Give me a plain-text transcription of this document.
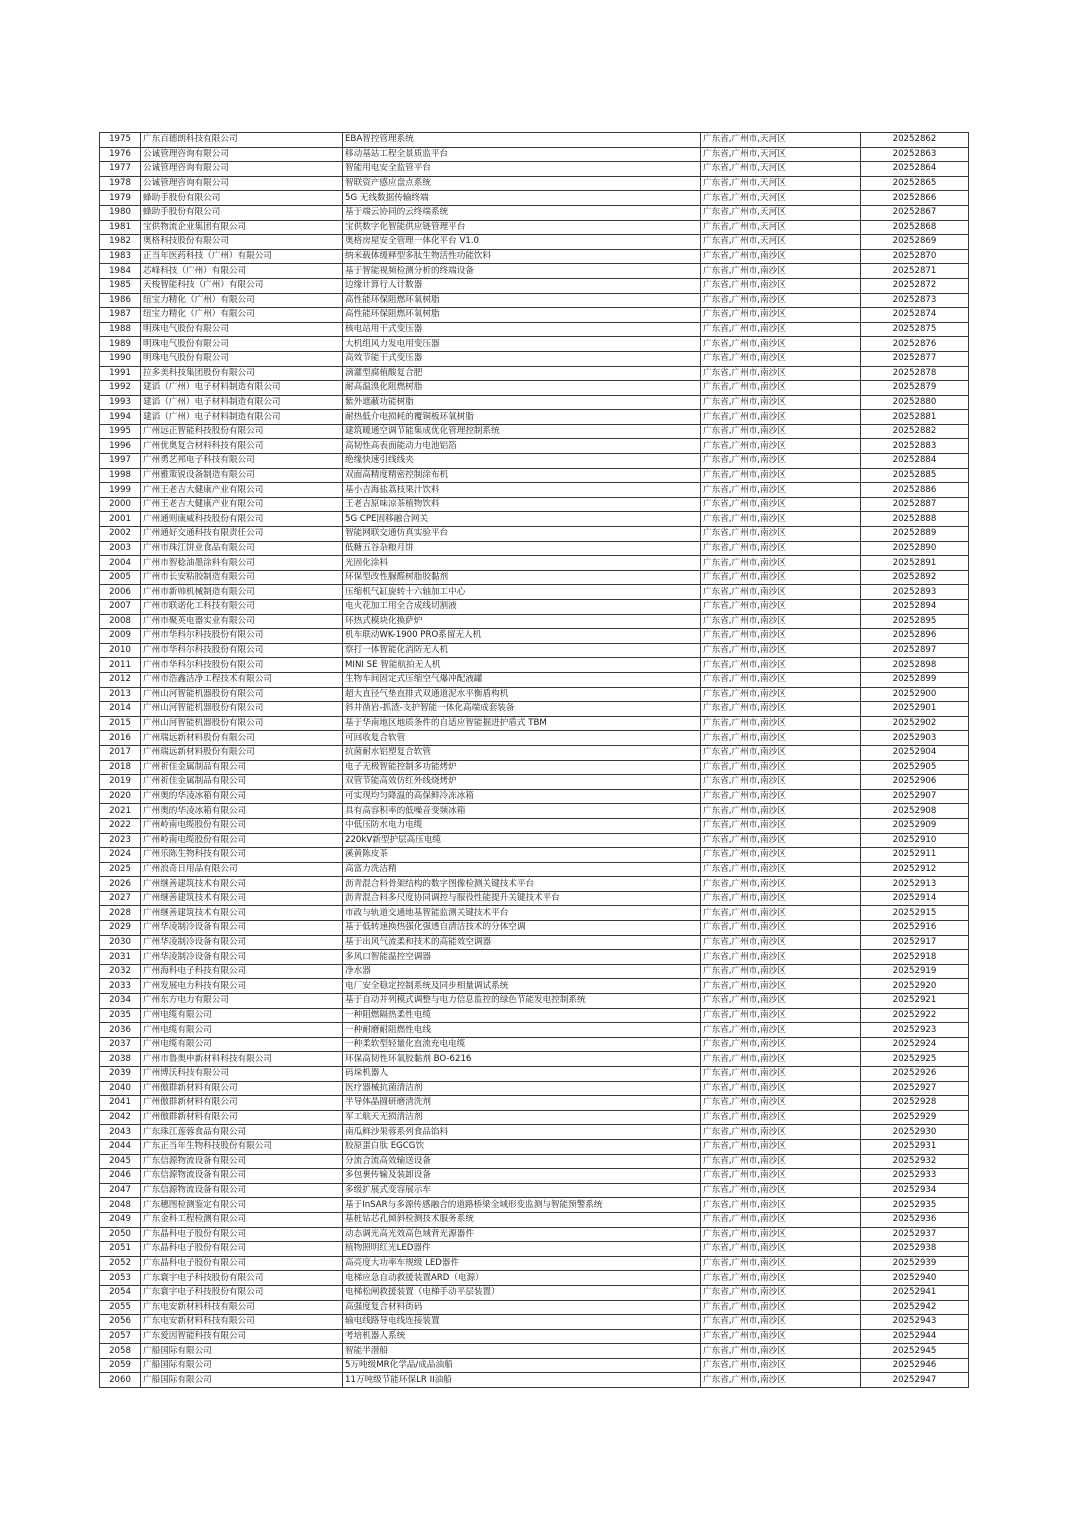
1975	广东百德朗科技有限公司	EBA智控管理系统	广东省,广州市,天河区	20252862
1976	公诚管理咨询有限公司	移动基站工程全景质监平台	广东省,广州市,天河区	20252863
1977	公诚管理咨询有限公司	智能用电安全监管平台	广东省,广州市,天河区	20252864
1978	公诚管理咨询有限公司	智联资产感应盘点系统	广东省,广州市,天河区	20252865
1979	蜂助手股份有限公司	5G 无线数据传输终端	广东省,广州市,天河区	20252866
1980	蜂助手股份有限公司	基于端云协同的云终端系统	广东省,广州市,天河区	20252867
1981	宝供物流企业集团有限公司	宝供数字化智能供应链管理平台	广东省,广州市,天河区	20252868
1982	奥格科技股份有限公司	奥格房屋安全管理一体化平台 V1.0	广东省,广州市,天河区	20252869
1983	正当年医药科技（广州）有限公司	纳米载体缓释型多肽生物活性功能饮料	广东省,广州市,南沙区	20252870
1984	芯峰科技（广州）有限公司	基于智能视频检测分析的终端设备	广东省,广州市,南沙区	20252871
1985	天梭智能科技（广州）有限公司	边缘计算行人计数器	广东省,广州市,南沙区	20252872
1986	纽宝力精化（广州）有限公司	高性能环保阻燃环氧树脂	广东省,广州市,南沙区	20252873
1987	纽宝力精化（广州）有限公司	高性能环保阻燃环氧树脂	广东省,广州市,南沙区	20252874
1988	明珠电气股份有限公司	核电站用干式变压器	广东省,广州市,南沙区	20252875
1989	明珠电气股份有限公司	大机组风力发电用变压器	广东省,广州市,南沙区	20252876
1990	明珠电气股份有限公司	高效节能干式变压器	广东省,广州市,南沙区	20252877
1991	拉多美科技集团股份有限公司	滴灌型腐植酸复合肥	广东省,广州市,南沙区	20252878
1992	建滔（广州）电子材料制造有限公司	耐高温溴化阻燃树脂	广东省,广州市,南沙区	20252879
1993	建滔（广州）电子材料制造有限公司	紫外遮蔽功能树脂	广东省,广州市,南沙区	20252880
1994	建滔（广州）电子材料制造有限公司	耐热低介电损耗的覆铜板环氧树脂	广东省,广州市,南沙区	20252881
1995	广州远正智能科技股份有限公司	建筑暖通空调节能集成优化管理控制系统	广东省,广州市,南沙区	20252882
1996	广州优奥复合材料科技有限公司	高韧性高表面能动力电池铝箔	广东省,广州市,南沙区	20252883
1997	广州勇艺邦电子科技有限公司	绝缘快速引线线夹	广东省,广州市,南沙区	20252884
1998	广州雅策锐设备制造有限公司	双面高精度精密控制涂布机	广东省,广州市,南沙区	20252885
1999	广州王老吉大健康产业有限公司	基小吉海盐荔枝果汁饮料	广东省,广州市,南沙区	20252886
2000	广州王老吉大健康产业有限公司	王老吉原味凉茶植物饮料	广东省,广州市,南沙区	20252887
2001	广州通则康威科技股份有限公司	5G CPE固移融合网关	广东省,广州市,南沙区	20252888
2002	广州通好交通科技有限责任公司	智能网联交通仿真实验平台	广东省,广州市,南沙区	20252889
2003	广州市珠江饼业食品有限公司	低糖五谷杂粮月饼	广东省,广州市,南沙区	20252890
2004	广州市智稔油墨涂料有限公司	光固化涂料	广东省,广州市,南沙区	20252891
2005	广州市长安粘胶制造有限公司	环保型改性脲醛树脂胶黏剂	广东省,广州市,南沙区	20252892
2006	广州市新帅机械制造有限公司	压缩机气缸旋转十六轴加工中心	广东省,广州市,南沙区	20252893
2007	广州市联诺化工科技有限公司	电火花加工用全合成线切割液	广东省,广州市,南沙区	20252894
2008	广州市聚英电器实业有限公司	环热式模块化换萨炉	广东省,广州市,南沙区	20252895
2009	广州市华科尔科技股份有限公司	机车联动WK-1900 PRO系留无人机	广东省,广州市,南沙区	20252896
2010	广州市华科尔科技股份有限公司	察打一体智能化消防无人机	广东省,广州市,南沙区	20252897
2011	广州市华科尔科技股份有限公司	MINI SE 智能航拍无人机	广东省,广州市,南沙区	20252898
2012	广州市浩鑫洁净工程技术有限公司	生物车间固定式压缩空气爆冲配液罐	广东省,广州市,南沙区	20252899
2013	广州山河智能机器股份有限公司	超大直径气垫直排式双通道泥水平衡盾构机	广东省,广州市,南沙区	20252900
2014	广州山河智能机器股份有限公司	斜井凿岩-抓渣-支护智能一体化高端成套装备	广东省,广州市,南沙区	20252901
2015	广州山河智能机器股份有限公司	基于华南地区地质条件的自适应智能掘进护盾式 TBM	广东省,广州市,南沙区	20252902
2016	广州瑞远新材料股份有限公司	可回收复合软管	广东省,广州市,南沙区	20252903
2017	广州瑞远新材料股份有限公司	抗菌耐水铝塑复合软管	广东省,广州市,南沙区	20252904
2018	广州祈佳金属制品有限公司	电子无极智能控制多功能烤炉	广东省,广州市,南沙区	20252905
2019	广州祈佳金属制品有限公司	双管节能高效仿红外线烧烤炉	广东省,广州市,南沙区	20252906
2020	广州奥的华凌冰箱有限公司	可实现均匀降温的高保鲜冷冻冰箱	广东省,广州市,南沙区	20252907
2021	广州奥的华凌冰箱有限公司	具有高容积率的低噪音变频冰箱	广东省,广州市,南沙区	20252908
2022	广州岭南电缆股份有限公司	中低压防水电力电缆	广东省,广州市,南沙区	20252909
2023	广州岭南电缆股份有限公司	220kV新型护层高压电缆	广东省,广州市,南沙区	20252910
2024	广州乐陈生物科技有限公司	溪黄陈皮茶	广东省,广州市,南沙区	20252911
2025	广州浪奇日用品有限公司	高富力洗洁精	广东省,广州市,南沙区	20252912
2026	广州继善建筑技术有限公司	沥青混合料骨架结构的数字图像检测关键技术平台	广东省,广州市,南沙区	20252913
2027	广州继善建筑技术有限公司	沥青混合料多尺度协同调控与服役性能提升关键技术平台	广东省,广州市,南沙区	20252914
2028	广州继善建筑技术有限公司	市政与轨道交通地基智能监测关键技术平台	广东省,广州市,南沙区	20252915
2029	广州华凌制冷设备有限公司	基于低转速换热强化强透自清洁技术的分体空调	广东省,广州市,南沙区	20252916
2030	广州华凌制冷设备有限公司	基于出风气流柔和技术的高能效空调器	广东省,广州市,南沙区	20252917
2031	广州华凌制冷设备有限公司	多风口智能温控空调器	广东省,广州市,南沙区	20252918
2032	广州海科电子科技有限公司	净水器	广东省,广州市,南沙区	20252919
2033	广州发展电力科技有限公司	电厂安全稳定控制系统及同步相量调试系统	广东省,广州市,南沙区	20252920
2034	广州东方电力有限公司	基于自动并列模式调整与电力信息监控的绿色节能发电控制系统	广东省,广州市,南沙区	20252921
2035	广州电缆有限公司	一种阻燃隔热柔性电缆	广东省,广州市,南沙区	20252922
2036	广州电缆有限公司	一种耐磨耐阻燃性电线	广东省,广州市,南沙区	20252923
2037	广州电缆有限公司	一种柔软型轻量化直流充电电缆	广东省,广州市,南沙区	20252924
2038	广州市鲁奥申新材料科技有限公司	环保高韧性环氧胶黏剂 BO-6216	广东省,广州市,南沙区	20252925
2039	广州博沃科技有限公司	码垛机器人	广东省,广州市,南沙区	20252926
2040	广州傲群新材料有限公司	医疗器械抗菌清洁剂	广东省,广州市,南沙区	20252927
2041	广州傲群新材料有限公司	半导体晶圆研磨清洗剂	广东省,广州市,南沙区	20252928
2042	广州傲群新材料有限公司	军工航天无损清洁剂	广东省,广州市,南沙区	20252929
2043	广东珠江莲蓉食品有限公司	南瓜鲜沙果蓉系列食品馅料	广东省,广州市,南沙区	20252930
2044	广东正当年生物科技股份有限公司	胶原蛋白肽 EGCG饮	广东省,广州市,南沙区	20252931
2045	广东信源物流设备有限公司	分流合流高效输送设备	广东省,广州市,南沙区	20252932
2046	广东信源物流设备有限公司	多包裹传输及装卸设备	广东省,广州市,南沙区	20252933
2047	广东信源物流设备有限公司	多级扩展式变容展示车	广东省,广州市,南沙区	20252934
2048	广东穗图检测鉴定有限公司	基于InSAR与多源传感融合的道路桥梁全域形变监测与智能预警系统	广东省,广州市,南沙区	20252935
2049	广东金科工程检测有限公司	基桩钻芯孔倾斜检测技术服务系统	广东省,广州市,南沙区	20252936
2050	广东晶科电子股份有限公司	动态调光高光效高色域背光源器件	广东省,广州市,南沙区	20252937
2051	广东晶科电子股份有限公司	植物照明红光LED器件	广东省,广州市,南沙区	20252938
2052	广东晶科电子股份有限公司	高亮度大功率车规级 LED器件	广东省,广州市,南沙区	20252939
2053	广东寰宇电子科技股份有限公司	电梯应急自动救援装置ARD（电源）	广东省,广州市,南沙区	20252940
2054	广东寰宇电子科技股份有限公司	电梯松闸救援装置（电梯手动平层装置）	广东省,广州市,南沙区	20252941
2055	广东电安新材料科技有限公司	高强度复合材料街码	广东省,广州市,南沙区	20252942
2056	广东电安新材料科技有限公司	输电线路导电线连接装置	广东省,广州市,南沙区	20252943
2057	广东爱因智能科技有限公司	考培机器人系统	广东省,广州市,南沙区	20252944
2058	广船国际有限公司	智能半潜船	广东省,广州市,南沙区	20252945
2059	广船国际有限公司	5万吨级MR化学品/成品油船	广东省,广州市,南沙区	20252946
2060	广船国际有限公司	11万吨级节能环保LR II油船	广东省,广州市,南沙区	20252947
